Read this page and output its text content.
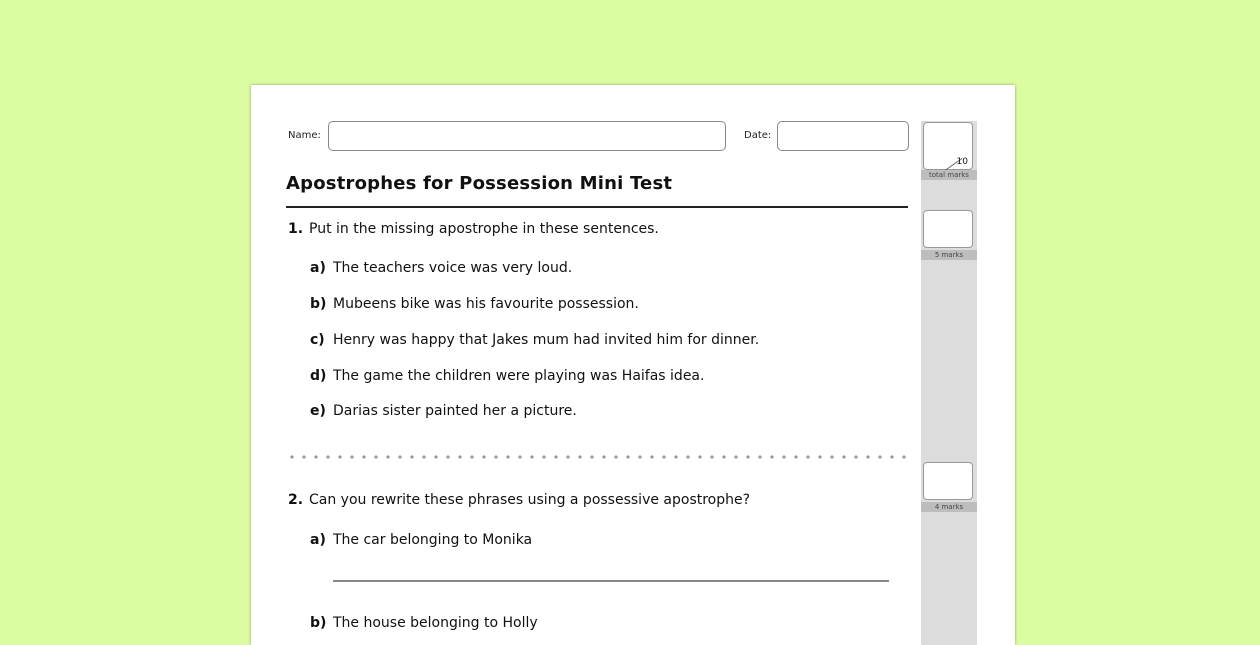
Name:	Date:
Apostrophes for Possession Mini Test
1. Put in the missing apostrophe in these sentences.
a) The teachers voice was very loud.
b) Mubeens bike was his favourite possession.
c) Henry was happy that Jakes mum had invited him for dinner.
d) The game the children were playing was Haifas idea.
e) Darias sister painted her a picture.
2. Can you rewrite these phrases using a possessive apostrophe?
a) The car belonging to Monika
b) The house belonging to Holly
10
total marks
5 marks
4 marks
